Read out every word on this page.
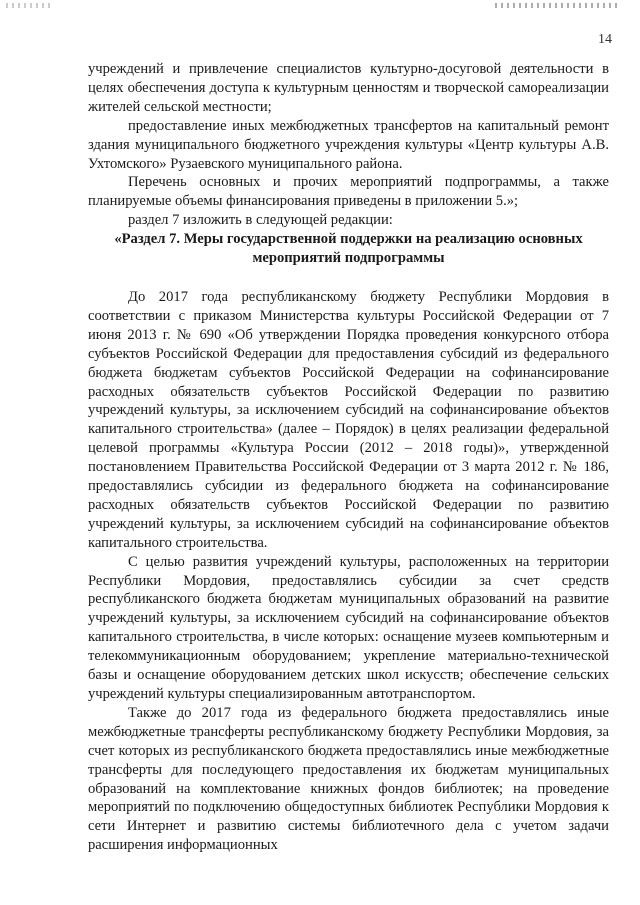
14

учреждений и привлечение специалистов культурно-досуговой деятельности в целях обеспечения доступа к культурным ценностям и творческой самореализации жителей сельской местности;

предоставление иных межбюджетных трансфертов на капитальный ремонт здания муниципального бюджетного учреждения культуры «Центр культуры А.В. Ухтомского» Рузаевского муниципального района.

Перечень основных и прочих мероприятий подпрограммы, а также планируемые объемы финансирования приведены в приложении 5.»;

раздел 7 изложить в следующей редакции:

«Раздел 7. Меры государственной поддержки на реализацию основных мероприятий подпрограммы

До 2017 года республиканскому бюджету Республики Мордовия в соответствии с приказом Министерства культуры Российской Федерации от 7 июня 2013 г. № 690 «Об утверждении Порядка проведения конкурсного отбора субъектов Российской Федерации для предоставления субсидий из федерального бюджета бюджетам субъектов Российской Федерации на софинансирование расходных обязательств субъектов Российской Федерации по развитию учреждений культуры, за исключением субсидий на софинансирование объектов капитального строительства» (далее – Порядок) в целях реализации федеральной целевой программы «Культура России (2012 – 2018 годы)», утвержденной постановлением Правительства Российской Федерации от 3 марта 2012 г. № 186, предоставлялись субсидии из федерального бюджета на софинансирование расходных обязательств субъектов Российской Федерации по развитию учреждений культуры, за исключением субсидий на софинансирование объектов капитального строительства.

С целью развития учреждений культуры, расположенных на территории Республики Мордовия, предоставлялись субсидии за счет средств республиканского бюджета бюджетам муниципальных образований на развитие учреждений культуры, за исключением субсидий на софинансирование объектов капитального строительства, в числе которых: оснащение музеев компьютерным и телекоммуникационным оборудованием; укрепление материально-технической базы и оснащение оборудованием детских школ искусств; обеспечение сельских учреждений культуры специализированным автотранспортом.

Также до 2017 года из федерального бюджета предоставлялись иные межбюджетные трансферты республиканскому бюджету Республики Мордовия, за счет которых из республиканского бюджета предоставлялись иные межбюджетные трансферты для последующего предоставления их бюджетам муниципальных образований на комплектование книжных фондов библиотек; на проведение мероприятий по подключению общедоступных библиотек Республики Мордовия к сети Интернет и развитию системы библиотечного дела с учетом задачи расширения информационных
